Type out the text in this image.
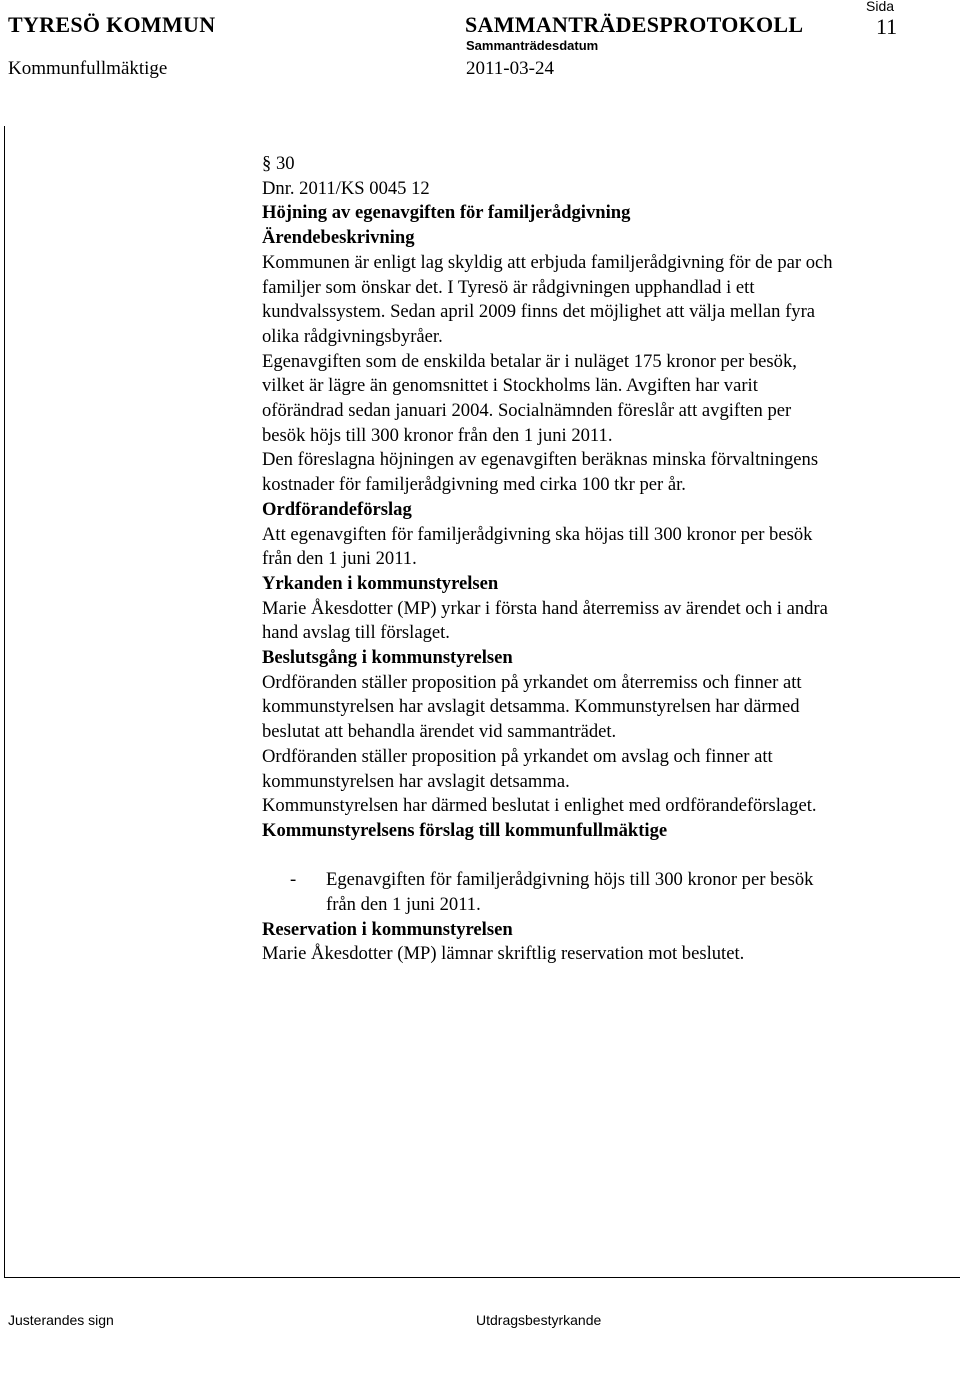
TYRESÖ KOMMUN	SAMMANTRÄDESPROTOKOLL
Sida
11
Sammanträdesdatum
Kommunfullmäktige	2011-03-24

§ 30

Dnr. 2011/KS 0045 12

Höjning av egenavgiften för familjerådgivning

Ärendebeskrivning

Kommunen är enligt lag skyldig att erbjuda familjerådgivning för de par och
familjer som önskar det. I Tyresö är rådgivningen upphandlad i ett
kundvalssystem. Sedan april 2009 finns det möjlighet att välja mellan fyra
olika rådgivningsbyråer.

Egenavgiften som de enskilda betalar är i nuläget 175 kronor per besök,
vilket är lägre än genomsnittet i Stockholms län. Avgiften har varit
oförändrad sedan januari 2004. Socialnämnden föreslår att avgiften per
besök höjs till 300 kronor från den 1 juni 2011.

Den föreslagna höjningen av egenavgiften beräknas minska förvaltningens
kostnader för familjerådgivning med cirka 100 tkr per år.

Ordförandeförslag

Att egenavgiften för familjerådgivning ska höjas till 300 kronor per besök
från den 1 juni 2011.

Yrkanden i kommunstyrelsen

Marie Åkesdotter (MP) yrkar i första hand återremiss av ärendet och i andra
hand avslag till förslaget.

Beslutsgång i kommunstyrelsen

Ordföranden ställer proposition på yrkandet om återremiss och finner att
kommunstyrelsen har avslagit detsamma. Kommunstyrelsen har därmed
beslutat att behandla ärendet vid sammanträdet.

Ordföranden ställer proposition på yrkandet om avslag och finner att
kommunstyrelsen har avslagit detsamma.

Kommunstyrelsen har därmed beslutat i enlighet med ordförandeförslaget.

Kommunstyrelsens förslag till kommunfullmäktige

-	Egenavgiften för familjerådgivning höjs till 300 kronor per besök
från den 1 juni 2011.

Reservation i kommunstyrelsen

Marie Åkesdotter (MP) lämnar skriftlig reservation mot beslutet.

Justerandes sign	Utdragsbestyrkande
